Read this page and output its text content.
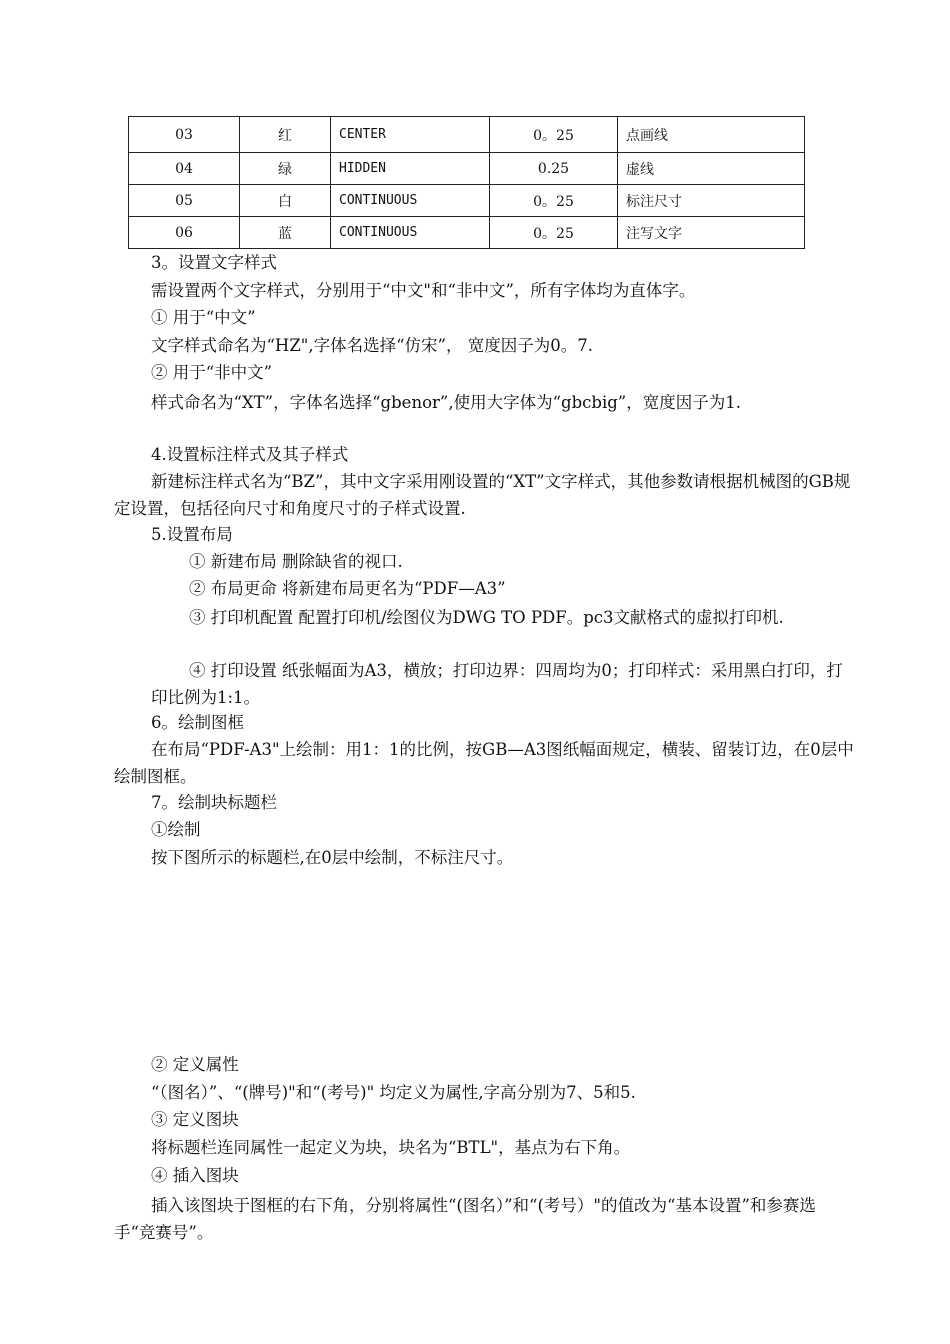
03	红	CENTER	0。25	点画线
04	绿	HIDDEN	0.25	虚线
05	白	CONTINUOUS	0。25	标注尺寸
06	蓝	CONTINUOUS	0。25	注写文字
3。设置文字样式
需设置两个文字样式，分别用于“中文"和“非中文”，所有字体均为直体字。
① 用于“中文”
文字样式命名为“HZ",字体名选择“仿宋”， 宽度因子为0。7.
② 用于“非中文”
样式命名为“XT”，字体名选择“gbenor”,使用大字体为“gbcbig”，宽度因子为1.
4.设置标注样式及其子样式
新建标注样式名为“BZ”，其中文字采用刚设置的“XT”文字样式，其他参数请根据机械图的GB规定设置，包括径向尺寸和角度尺寸的子样式设置.
5.设置布局
① 新建布局 删除缺省的视口.
② 布局更命 将新建布局更名为“PDF—A3”
③ 打印机配置 配置打印机/绘图仪为DWG TO PDF。pc3文献格式的虚拟打印机.
④ 打印设置 纸张幅面为A3，横放；打印边界：四周均为0；打印样式：采用黑白打印，打印比例为1:1。
6。绘制图框
在布局“PDF-A3"上绘制：用1：1的比例，按GB—A3图纸幅面规定，横装、留装订边，在0层中绘制图框。
7。绘制块标题栏
①绘制
按下图所示的标题栏,在0层中绘制，不标注尺寸。
② 定义属性
“（图名）”、“(牌号)"和“(考号)" 均定义为属性,字高分别为7、5和5.
③ 定义图块
将标题栏连同属性一起定义为块，块名为“BTL"，基点为右下角。
④ 插入图块
插入该图块于图框的右下角，分别将属性“(图名）”和“(考号）"的值改为“基本设置”和参赛选手“竞赛号”。
